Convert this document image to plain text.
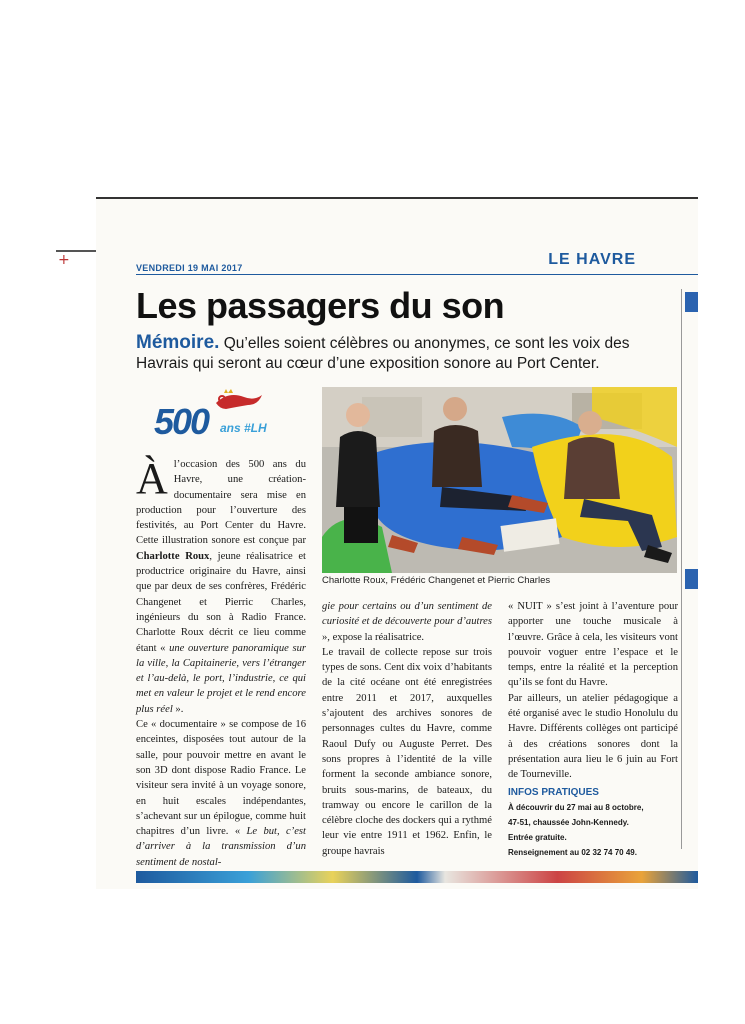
+	VENDREDI 19 MAI 2017	LE HAVRE
Les passagers du son
Mémoire. Qu’elles soient célèbres ou anonymes, ce sont les voix des Havrais qui seront au cœur d’une exposition sonore au Port Center.
500 ans #LH
Charlotte Roux, Frédéric Changenet et Pierric Charles
À l’occasion des 500 ans du Havre, une création-documentaire sera mise en production pour l’ouverture des festivités, au Port Center du Havre. Cette illustration sonore est conçue par Charlotte Roux, jeune réalisatrice et productrice originaire du Havre, ainsi que par deux de ses confrères, Frédéric Changenet et Pierric Charles, ingénieurs du son à Radio France. Charlotte Roux décrit ce lieu comme étant « une ouverture panoramique sur la ville, la Capitainerie, vers l’étranger et l’au-delà, le port, l’industrie, ce qui met en valeur le projet et le rend encore plus réel ».

Ce « documentaire » se compose de 16 enceintes, disposées tout autour de la salle, pour pouvoir mettre en avant le son 3D dont dispose Radio France. Le visiteur sera invité à un voyage sonore, en huit escales indépendantes, s’achevant sur un épilogue, comme huit chapitres d’un livre. « Le but, c’est d’arriver à la transmission d’un sentiment de nostal-

gie pour certains ou d’un sentiment de curiosité et de découverte pour d’autres », expose la réalisatrice.

Le travail de collecte repose sur trois types de sons. Cent dix voix d’habitants de la cité océane ont été enregistrées entre 2011 et 2017, auxquelles s’ajoutent des archives sonores de personnages cultes du Havre, comme Raoul Dufy ou Auguste Perret. Des sons propres à l’identité de la ville forment la seconde ambiance sonore, bruits sous-marins, de bateaux, du tramway ou encore le carillon de la célèbre cloche des dockers qui a rythmé leur vie entre 1911 et 1962. Enfin, le groupe havrais

« NUIT » s’est joint à l’aventure pour apporter une touche musicale à l’œuvre. Grâce à cela, les visiteurs vont pouvoir voguer entre l’espace et le temps, entre la réalité et la perception qu’ils se font du Havre.

Par ailleurs, un atelier pédagogique a été organisé avec le studio Honolulu du Havre. Différents collèges ont participé à des créations sonores dont la présentation aura lieu le 6 juin au Fort de Tourneville.

INFOS PRATIQUES
À découvrir du 27 mai au 8 octobre,
47-51, chaussée John-Kennedy.
Entrée gratuite.
Renseignement au 02 32 74 70 49.
